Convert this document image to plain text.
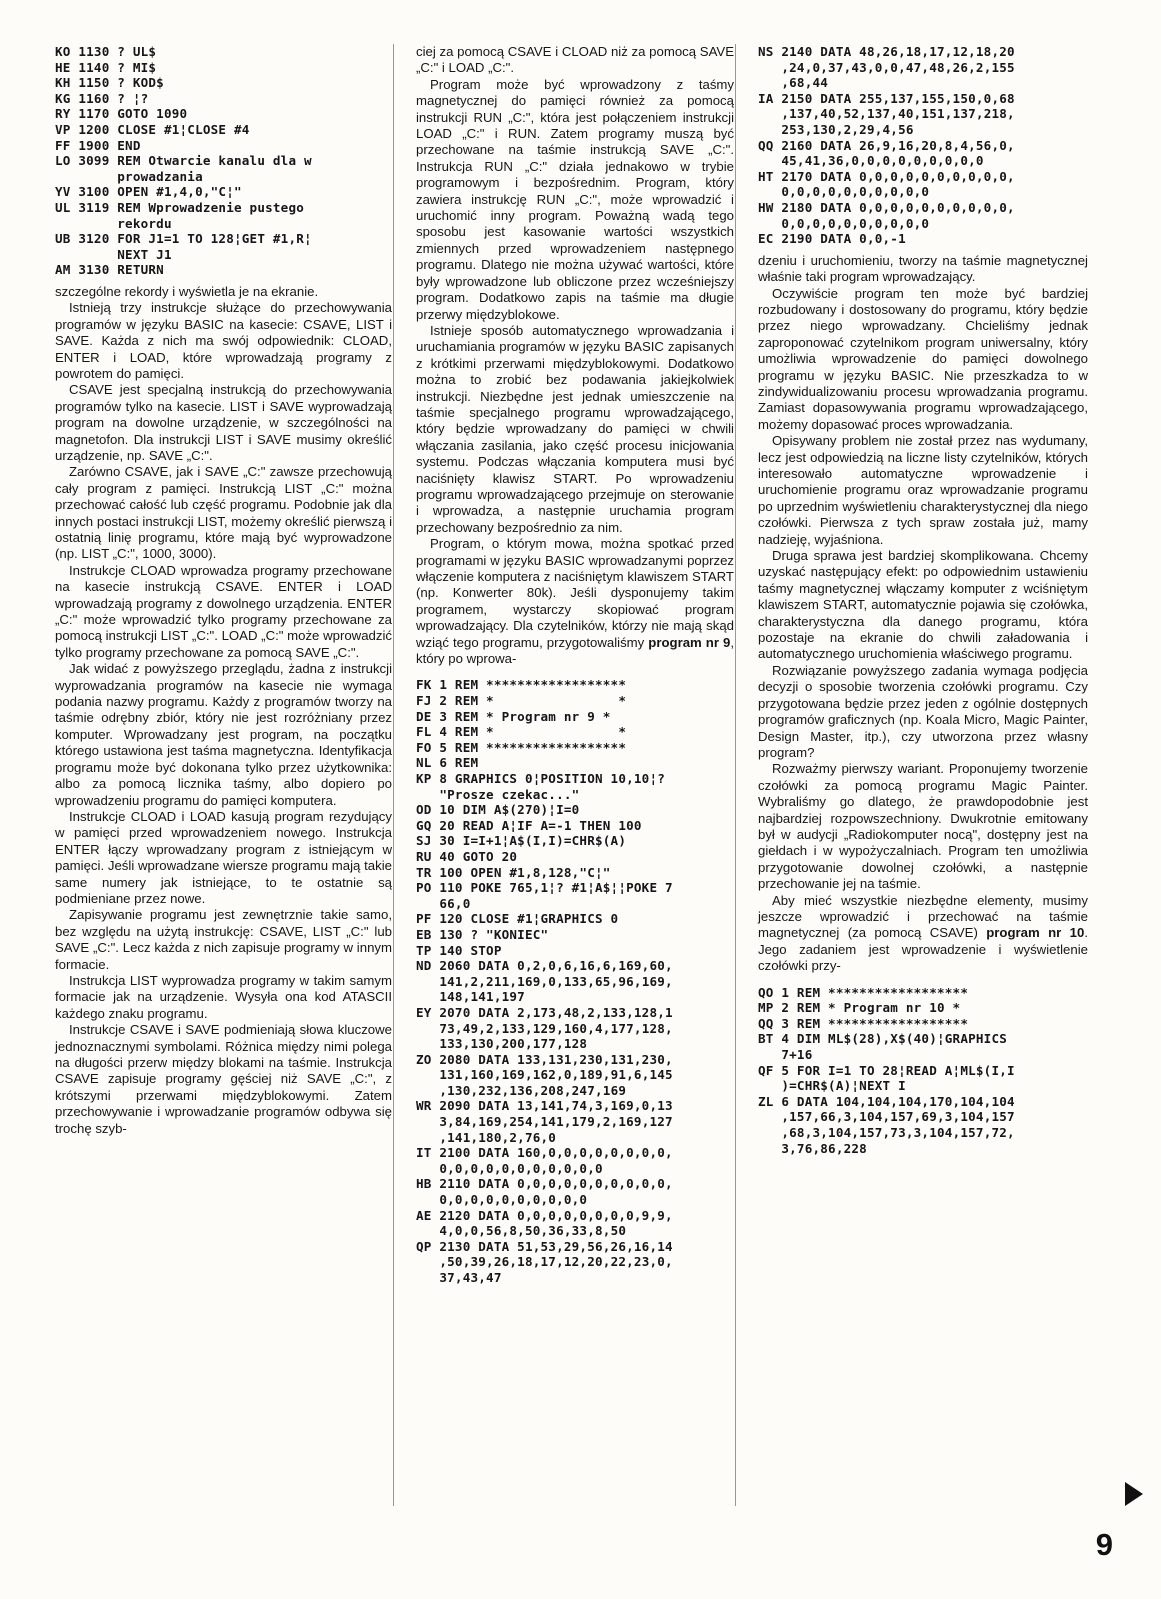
KO 1130 ? UL$
HE 1140 ? MI$
KH 1150 ? KOD$
KG 1160 ? ¦?
RY 1170 GOTO 1090
VP 1200 CLOSE #1¦CLOSE #4
FF 1900 END
LO 3099 REM Otwarcie kanalu dla w
prowadzania
YV 3100 OPEN #1,4,0,"C¦"
UL 3119 REM Wprowadzenie pustego
rekordu
UB 3120 FOR J1=1 TO 128¦GET #1,R¦
NEXT J1
AM 3130 RETURN

szczególne rekordy i wyświetla je na ekranie.

Istnieją trzy instrukcje służące do przechowywania programów w języku BASIC na kasecie: CSAVE, LIST i SAVE. Każda z nich ma swój odpowiednik: CLOAD, ENTER i LOAD, które wprowadzają programy z powrotem do pamięci.

CSAVE jest specjalną instrukcją do przechowywania programów tylko na kasecie. LIST i SAVE wyprowadzają program na dowolne urządzenie, w szczególności na magnetofon. Dla instrukcji LIST i SAVE musimy określić urządzenie, np. SAVE „C:".

Zarówno CSAVE, jak i SAVE „C:" zawsze przechowują cały program z pamięci. Instrukcją LIST „C:" można przechować całość lub część programu. Podobnie jak dla innych postaci instrukcji LIST, możemy określić pierwszą i ostatnią linię programu, które mają być wyprowadzone (np. LIST „C:", 1000, 3000).

Instrukcje CLOAD wprowadza programy przechowane na kasecie instrukcją CSAVE. ENTER i LOAD wprowadzają programy z dowolnego urządzenia. ENTER „C:" może wprowadzić tylko programy przechowane za pomocą instrukcji LIST „C:". LOAD „C:" może wprowadzić tylko programy przechowane za pomocą SAVE „C:".

Jak widać z powyższego przeglądu, żadna z instrukcji wyprowadzania programów na kasecie nie wymaga podania nazwy programu. Każdy z programów tworzy na taśmie odrębny zbiór, który nie jest rozróżniany przez komputer. Wprowadzany jest program, na początku którego ustawiona jest taśma magnetyczna. Identyfikacja programu może być dokonana tylko przez użytkownika: albo za pomocą licznika taśmy, albo dopiero po wprowadzeniu programu do pamięci komputera.

Instrukcje CLOAD i LOAD kasują program rezydujący w pamięci przed wprowadzeniem nowego. Instrukcja ENTER łączy wprowadzany program z istniejącym w pamięci. Jeśli wprowadzane wiersze programu mają takie same numery jak istniejące, to te ostatnie są podmieniane przez nowe.

Zapisywanie programu jest zewnętrznie takie samo, bez względu na użytą instrukcję: CSAVE, LIST „C:" lub SAVE „C:". Lecz każda z nich zapisuje programy w innym formacie.

Instrukcja LIST wyprowadza programy w takim samym formacie jak na urządzenie. Wysyła ona kod ATASCII każdego znaku programu.

Instrukcje CSAVE i SAVE podmieniają słowa kluczowe jednoznacznymi symbolami. Różnica między nimi polega na długości przerw między blokami na taśmie. Instrukcja CSAVE zapisuje programy gęściej niż SAVE „C:", z krótszymi przerwami międzyblokowymi. Zatem przechowywanie i wprowadzanie programów odbywa się trochę szyb-

ciej za pomocą CSAVE i CLOAD niż za pomocą SAVE „C:" i LOAD „C:".

Program może być wprowadzony z taśmy magnetycznej do pamięci również za pomocą instrukcji RUN „C:", która jest połączeniem instrukcji LOAD „C:" i RUN. Zatem programy muszą być przechowane na taśmie instrukcją SAVE „C:". Instrukcja RUN „C:" działa jednakowo w trybie programowym i bezpośrednim. Program, który zawiera instrukcję RUN „C:", może wprowadzić i uruchomić inny program. Poważną wadą tego sposobu jest kasowanie wartości wszystkich zmiennych przed wprowadzeniem następnego programu. Dlatego nie można używać wartości, które były wprowadzone lub obliczone przez wcześniejszy program. Dodatkowo zapis na taśmie ma długie przerwy międzyblokowe.

Istnieje sposób automatycznego wprowadzania i uruchamiania programów w języku BASIC zapisanych z krótkimi przerwami międzyblokowymi. Dodatkowo można to zrobić bez podawania jakiejkolwiek instrukcji. Niezbędne jest jednak umieszczenie na taśmie specjalnego programu wprowadzającego, który będzie wprowadzany do pamięci w chwili włączania zasilania, jako część procesu inicjowania systemu. Podczas włączania komputera musi być naciśnięty klawisz START. Po wprowadzeniu programu wprowadzającego przejmuje on sterowanie i wprowadza, a następnie uruchamia program przechowany bezpośrednio za nim.

Program, o którym mowa, można spotkać przed programami w języku BASIC wprowadzanymi poprzez włączenie komputera z naciśniętym klawiszem START (np. Konwerter 80k). Jeśli dysponujemy takim programem, wystarczy skopiować program wprowadzający. Dla czytelników, którzy nie mają skąd wziąć tego programu, przygotowaliśmy program nr 9, który po wprowa-

FK 1 REM ******************
FJ 2 REM *                *
DE 3 REM * Program nr 9 *
FL 4 REM *                *
FO 5 REM ******************
NL 6 REM
KP 8 GRAPHICS 0¦POSITION 10,10¦?
"Prosze czekac..."
OD 10 DIM A$(270)¦I=0
GQ 20 READ A¦IF A=-1 THEN 100
SJ 30 I=I+1¦A$(I,I)=CHR$(A)
RU 40 GOTO 20
TR 100 OPEN #1,8,128,"C¦"
PO 110 POKE 765,1¦? #1¦A$¦¦POKE 7
66,0
PF 120 CLOSE #1¦GRAPHICS 0
EB 130 ? "KONIEC"
TP 140 STOP
ND 2060 DATA 0,2,0,6,16,6,169,60,
141,2,211,169,0,133,65,96,169,
148,141,197
EY 2070 DATA 2,173,48,2,133,128,1
73,49,2,133,129,160,4,177,128,
133,130,200,177,128
ZO 2080 DATA 133,131,230,131,230,
131,160,169,162,0,189,91,6,145
,130,232,136,208,247,169
WR 2090 DATA 13,141,74,3,169,0,13
3,84,169,254,141,179,2,169,127
,141,180,2,76,0
IT 2100 DATA 160,0,0,0,0,0,0,0,0,
0,0,0,0,0,0,0,0,0,0,0
HB 2110 DATA 0,0,0,0,0,0,0,0,0,0,
0,0,0,0,0,0,0,0,0,0
AE 2120 DATA 0,0,0,0,0,0,0,0,9,9,
4,0,0,56,8,50,36,33,8,50
QP 2130 DATA 51,53,29,56,26,16,14
,50,39,26,18,17,12,20,22,23,0,
37,43,47
NS 2140 DATA 48,26,18,17,12,18,20
,24,0,37,43,0,0,47,48,26,2,155
,68,44
IA 2150 DATA 255,137,155,150,0,68
,137,40,52,137,40,151,137,218,
253,130,2,29,4,56
QQ 2160 DATA 26,9,16,20,8,4,56,0,
45,41,36,0,0,0,0,0,0,0,0,0
HT 2170 DATA 0,0,0,0,0,0,0,0,0,0,
0,0,0,0,0,0,0,0,0,0
HW 2180 DATA 0,0,0,0,0,0,0,0,0,0,
0,0,0,0,0,0,0,0,0,0
EC 2190 DATA 0,0,-1

dzeniu i uruchomieniu, tworzy na taśmie magnetycznej właśnie taki program wprowadzający.

Oczywiście program ten może być bardziej rozbudowany i dostosowany do programu, który będzie przez niego wprowadzany. Chcieliśmy jednak zaproponować czytelnikom program uniwersalny, który umożliwia wprowadzenie do pamięci dowolnego programu w języku BASIC. Nie przeszkadza to w zindywidualizowaniu procesu wprowadzania programu. Zamiast dopasowywania programu wprowadzającego, możemy dopasować proces wprowadzania.

Opisywany problem nie został przez nas wydumany, lecz jest odpowiedzią na liczne listy czytelników, których interesowało automatyczne wprowadzenie i uruchomienie programu oraz wprowadzanie programu po uprzednim wyświetleniu charakterystycznej dla niego czołówki. Pierwsza z tych spraw została już, mamy nadzieję, wyjaśniona.

Druga sprawa jest bardziej skomplikowana. Chcemy uzyskać następujący efekt: po odpowiednim ustawieniu taśmy magnetycznej włączamy komputer z wciśniętym klawiszem START, automatycznie pojawia się czołówka, charakterystyczna dla danego programu, która pozostaje na ekranie do chwili załadowania i automatycznego uruchomienia właściwego programu.

Rozwiązanie powyższego zadania wymaga podjęcia decyzji o sposobie tworzenia czołówki programu. Czy przygotowana będzie przez jeden z ogólnie dostępnych programów graficznych (np. Koala Micro, Magic Painter, Design Master, itp.), czy utworzona przez własny program?

Rozważmy pierwszy wariant. Proponujemy tworzenie czołówki za pomocą programu Magic Painter. Wybraliśmy go dlatego, że prawdopodobnie jest najbardziej rozpowszechniony. Dwukrotnie emitowany był w audycji „Radiokomputer nocą", dostępny jest na giełdach i w wypożyczalniach. Program ten umożliwia przygotowanie dowolnej czołówki, a następnie przechowanie jej na taśmie.

Aby mieć wszystkie niezbędne elementy, musimy jeszcze wprowadzić i przechować na taśmie magnetycznej (za pomocą CSAVE) program nr 10. Jego zadaniem jest wprowadzenie i wyświetlenie czołówki przy-

QO 1 REM ******************
MP 2 REM * Program nr 10 *
QQ 3 REM ******************
BT 4 DIM ML$(28),X$(40)¦GRAPHICS
7+16
QF 5 FOR I=1 TO 28¦READ A¦ML$(I,I
)=CHR$(A)¦NEXT I
ZL 6 DATA 104,104,104,170,104,104
,157,66,3,104,157,69,3,104,157
,68,3,104,157,73,3,104,157,72,
3,76,86,228
9
